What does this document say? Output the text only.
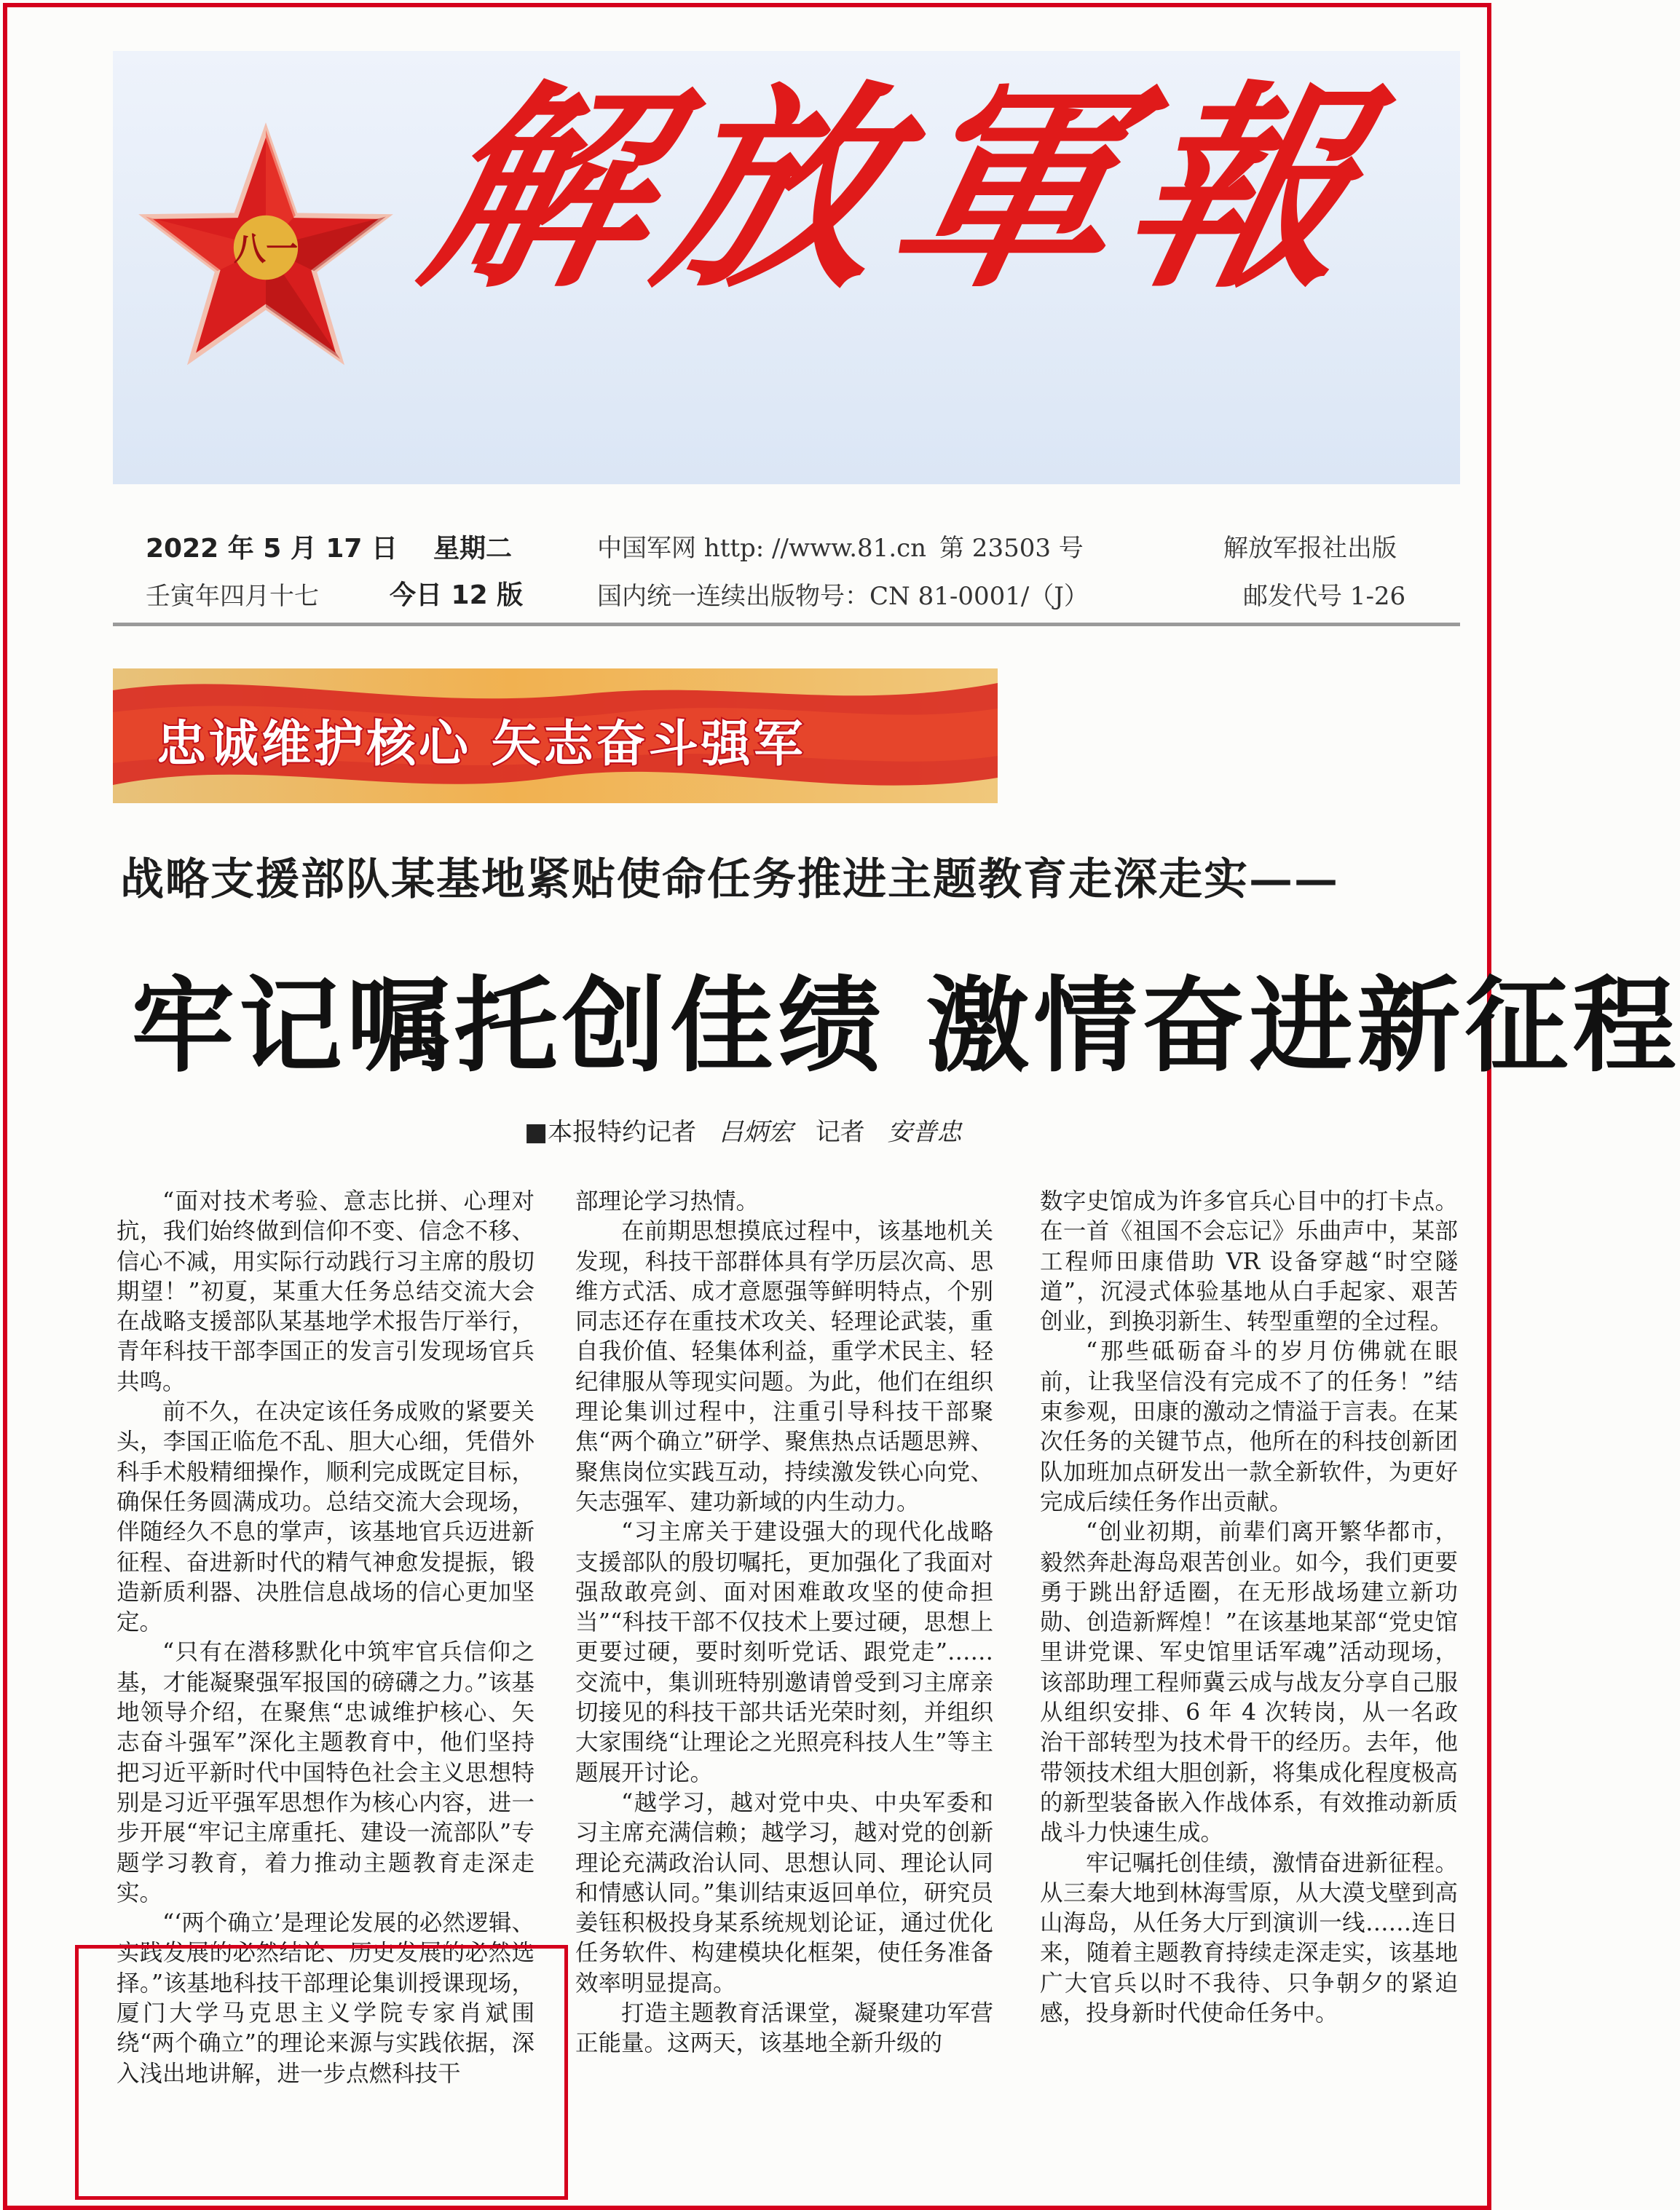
八一 解放軍報
2022 年 5 月 17 日 星期二
壬寅年四月十七	今日 12 版
中国军网 http: //www.81.cn 第 23503 号	解放军报社出版
国内统一连续出版物号：CN 81-0001/（J）	邮发代号 1-26
忠诚维护核心 矢志奋斗强军
战略支援部队某基地紧贴使命任务推进主题教育走深走实——
牢记嘱托创佳绩 激情奋进新征程
■本报特约记者 吕炳宏 记者 安普忠

“面对技术考验、意志比拼、心理对抗，我们始终做到信仰不变、信念不移、信心不减，用实际行动践行习主席的殷切期望！”初夏，某重大任务总结交流大会在战略支援部队某基地学术报告厅举行，青年科技干部李国正的发言引发现场官兵共鸣。

前不久，在决定该任务成败的紧要关头，李国正临危不乱、胆大心细，凭借外科手术般精细操作，顺利完成既定目标，确保任务圆满成功。总结交流大会现场，伴随经久不息的掌声，该基地官兵迈进新征程、奋进新时代的精气神愈发提振，锻造新质利器、决胜信息战场的信心更加坚定。

“只有在潜移默化中筑牢官兵信仰之基，才能凝聚强军报国的磅礴之力。”该基地领导介绍，在聚焦“忠诚维护核心、矢志奋斗强军”深化主题教育中，他们坚持把习近平新时代中国特色社会主义思想特别是习近平强军思想作为核心内容，进一步开展“牢记主席重托、建设一流部队”专题学习教育，着力推动主题教育走深走实。

“‘两个确立’是理论发展的必然逻辑、实践发展的必然结论、历史发展的必然选择。”该基地科技干部理论集训授课现场，厦门大学马克思主义学院专家肖斌围绕“两个确立”的理论来源与实践依据，深入浅出地讲解，进一步点燃科技干

部理论学习热情。

在前期思想摸底过程中，该基地机关发现，科技干部群体具有学历层次高、思维方式活、成才意愿强等鲜明特点，个别同志还存在重技术攻关、轻理论武装，重自我价值、轻集体利益，重学术民主、轻纪律服从等现实问题。为此，他们在组织理论集训过程中，注重引导科技干部聚焦“两个确立”研学、聚焦热点话题思辨、聚焦岗位实践互动，持续激发铁心向党、矢志强军、建功新域的内生动力。

“习主席关于建设强大的现代化战略支援部队的殷切嘱托，更加强化了我面对强敌敢亮剑、面对困难敢攻坚的使命担当”“科技干部不仅技术上要过硬，思想上更要过硬，要时刻听党话、跟党走”……交流中，集训班特别邀请曾受到习主席亲切接见的科技干部共话光荣时刻，并组织大家围绕“让理论之光照亮科技人生”等主题展开讨论。

“越学习，越对党中央、中央军委和习主席充满信赖；越学习，越对党的创新理论充满政治认同、思想认同、理论认同和情感认同。”集训结束返回单位，研究员姜钰积极投身某系统规划论证，通过优化任务软件、构建模块化框架，使任务准备效率明显提高。

打造主题教育活课堂，凝聚建功军营正能量。这两天，该基地全新升级的

数字史馆成为许多官兵心目中的打卡点。在一首《祖国不会忘记》乐曲声中，某部工程师田康借助 VR 设备穿越“时空隧道”，沉浸式体验基地从白手起家、艰苦创业，到换羽新生、转型重塑的全过程。

“那些砥砺奋斗的岁月仿佛就在眼前，让我坚信没有完成不了的任务！”结束参观，田康的激动之情溢于言表。在某次任务的关键节点，他所在的科技创新团队加班加点研发出一款全新软件，为更好完成后续任务作出贡献。

“创业初期，前辈们离开繁华都市，毅然奔赴海岛艰苦创业。如今，我们更要勇于跳出舒适圈，在无形战场建立新功勋、创造新辉煌！”在该基地某部“党史馆里讲党课、军史馆里话军魂”活动现场，该部助理工程师冀云成与战友分享自己服从组织安排、6 年 4 次转岗，从一名政治干部转型为技术骨干的经历。去年，他带领技术组大胆创新，将集成化程度极高的新型装备嵌入作战体系，有效推动新质战斗力快速生成。

牢记嘱托创佳绩，激情奋进新征程。从三秦大地到林海雪原，从大漠戈壁到高山海岛，从任务大厅到演训一线……连日来，随着主题教育持续走深走实，该基地广大官兵以时不我待、只争朝夕的紧迫感，投身新时代使命任务中。
